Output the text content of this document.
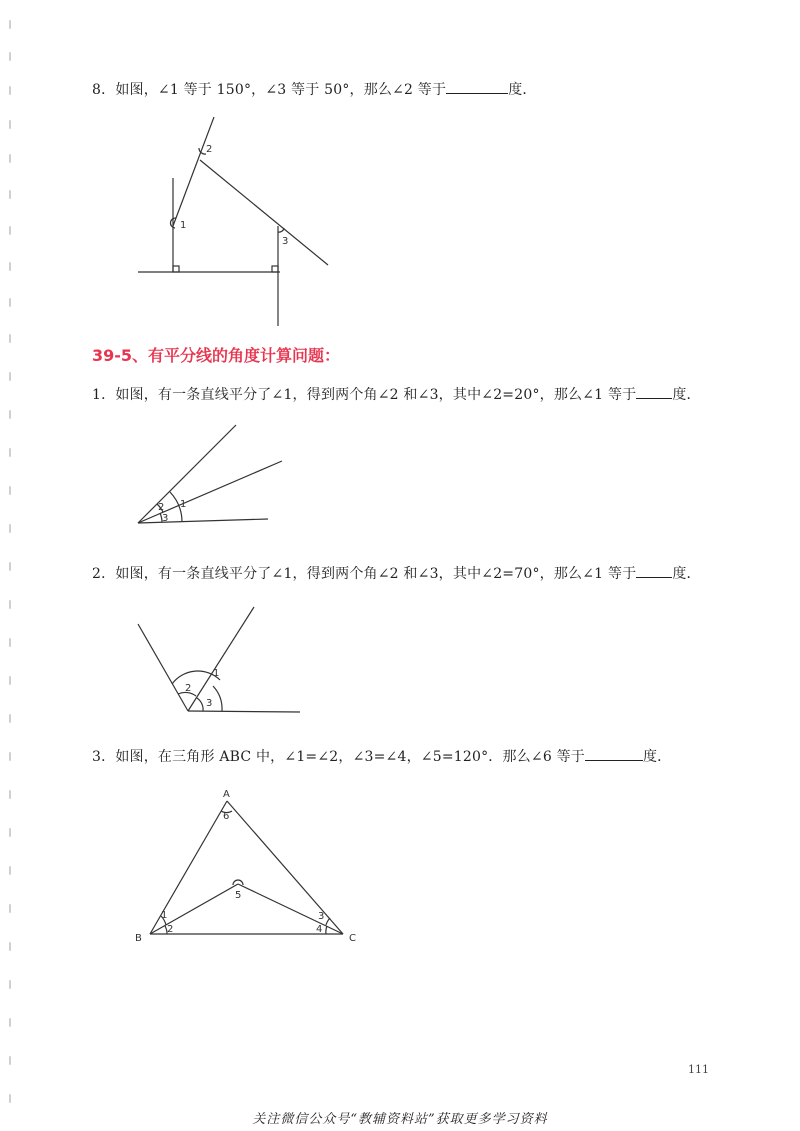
8．如图，∠1 等于 150°，∠3 等于 50°，那么∠2 等于	度．
1
2
3
39-5、有平分线的角度计算问题：
1．如图，有一条直线平分了∠1，得到两个角∠2 和∠3，其中∠2=20°，那么∠1 等于	度．
1
2
3
2．如图，有一条直线平分了∠1，得到两个角∠2 和∠3，其中∠2=70°，那么∠1 等于	度．
1
2
3
3．如图，在三角形 ABC 中，∠1=∠2，∠3=∠4，∠5=120°．那么∠6 等于	度．
A
B	C
1
2
3
4
5
6
111
关注微信公众号“教辅资料站”获取更多学习资料
